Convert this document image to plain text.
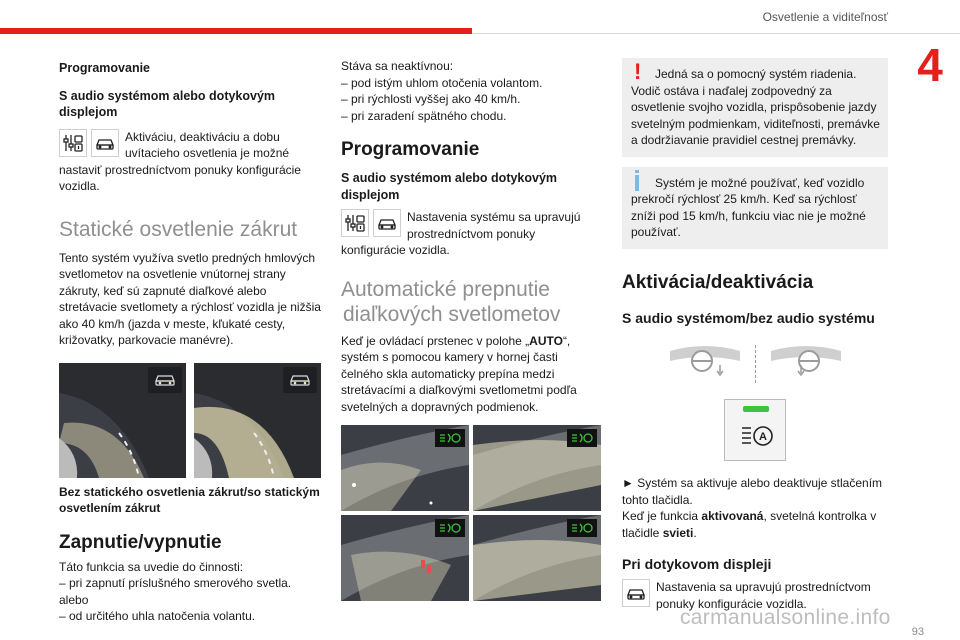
Osvetlenie a viditeľnosť
4
Programovanie
S audio systémom alebo dotykovým displejom
Aktiváciu, deaktiváciu a dobu uvítacieho osvetlenia je možné nastaviť prostredníctvom ponuky konfigurácie vozidla.
Statické osvetlenie zákrut
Tento systém využíva svetlo predných hmlových svetlometov na osvetlenie vnútornej strany zákruty, keď sú zapnuté diaľkové alebo stretávacie svetlomety a rýchlosť vozidla je nižšia ako 40 km/h (jazda v meste, kľukaté cesty, križovatky, parkovacie manévre).
Bez statického osvetlenia zákrut/so statickým osvetlením zákrut
Zapnutie/vypnutie
Táto funkcia sa uvedie do činnosti:
– pri zapnutí príslušného smerového svetla.
alebo
– od určitého uhla natočenia volantu.
Stáva sa neaktívnou:
– pod istým uhlom otočenia volantom.
– pri rýchlosti vyššej ako 40 km/h.
– pri zaradení spätného chodu.
Programovanie
S audio systémom alebo dotykovým displejom
Nastavenia systému sa upravujú prostredníctvom ponuky konfigurácie vozidla.
Automatické prepnutie
diaľkových svetlometov
Keď je ovládací prstenec v polohe „AUTO“, systém s pomocou kamery v hornej časti čelného skla automaticky prepína medzi stretávacími a diaľkovými svetlometmi podľa svetelných a dopravných podmienok.
!	Jedná sa o pomocný systém riadenia. Vodič ostáva i naďalej zodpovedný za osvetlenie svojho vozidla, prispôsobenie jazdy svetelným podmienkam, viditeľnosti, premávke a dodržiavanie pravidiel cestnej premávky.
Systém je možné používať, keď vozidlo prekročí rýchlosť 25 km/h. Keď sa rýchlosť zníži pod 15 km/h, funkciu viac nie je možné používať.
Aktivácia/deaktivácia
S audio systémom/bez audio systému
A
► Systém sa aktivuje alebo deaktivuje stlačením tohto tlačidla.
Keď je funkcia aktivovaná, svetelná kontrolka v tlačidle svieti.
Pri dotykovom displeji
Nastavenia sa upravujú prostredníctvom ponuky konfigurácie vozidla.
93
carmanualsonline.info
